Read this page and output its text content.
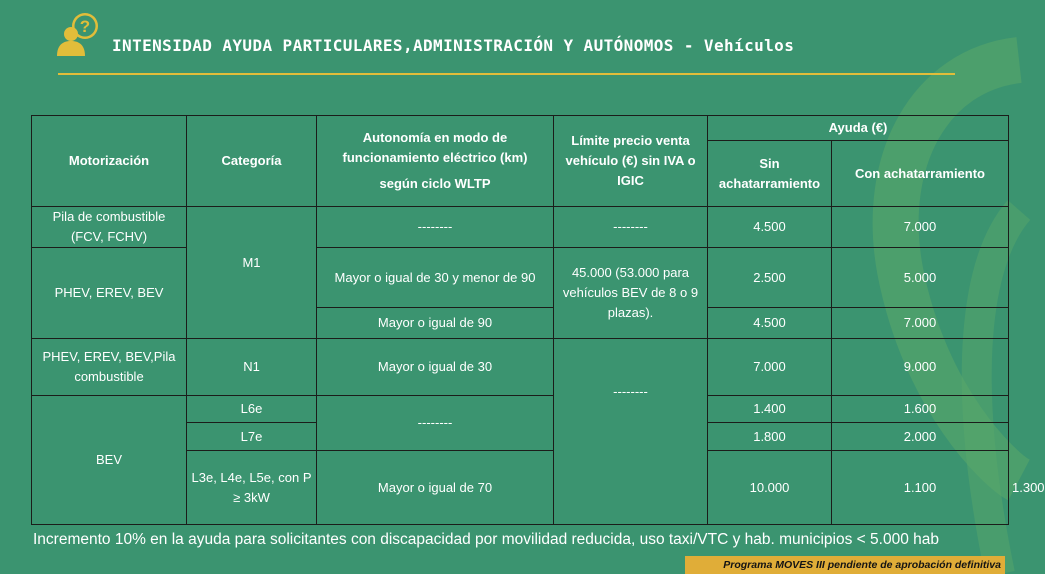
?
INTENSIDAD AYUDA PARTICULARES,ADMINISTRACIÓN Y AUTÓNOMOS - Vehículos
Motorización	Categoría	Autonomía en modo de
funcionamiento eléctrico (km)
según ciclo WLTP	Límite precio venta vehículo (€) sin IVA o IGIC	Ayuda (€)		
				Sin achatarramiento	Con achatarramiento	
Pila de combustible (FCV, FCHV)	M1	--------	--------	4.500	7.000	
PHEV, EREV, BEV		Mayor o igual de 30 y menor de 90	45.000 (53.000 para vehículos BEV de 8 o 9 plazas).	2.500	5.000	
		Mayor o igual de 90		4.500	7.000	
PHEV, EREV, BEV,Pila combustible	N1	Mayor o igual de 30	--------	7.000	9.000	
BEV	L6e	--------		1.400	1.600	
	L7e			1.800	2.000	
	L3e, L4e, L5e, con P ≥ 3kW	Mayor o igual de 70		10.000	1.100	1.300
Incremento 10% en la ayuda para solicitantes con discapacidad por movilidad reducida, uso taxi/VTC y hab. municipios < 5.000 hab
Programa MOVES III pendiente de aprobación definitiva
